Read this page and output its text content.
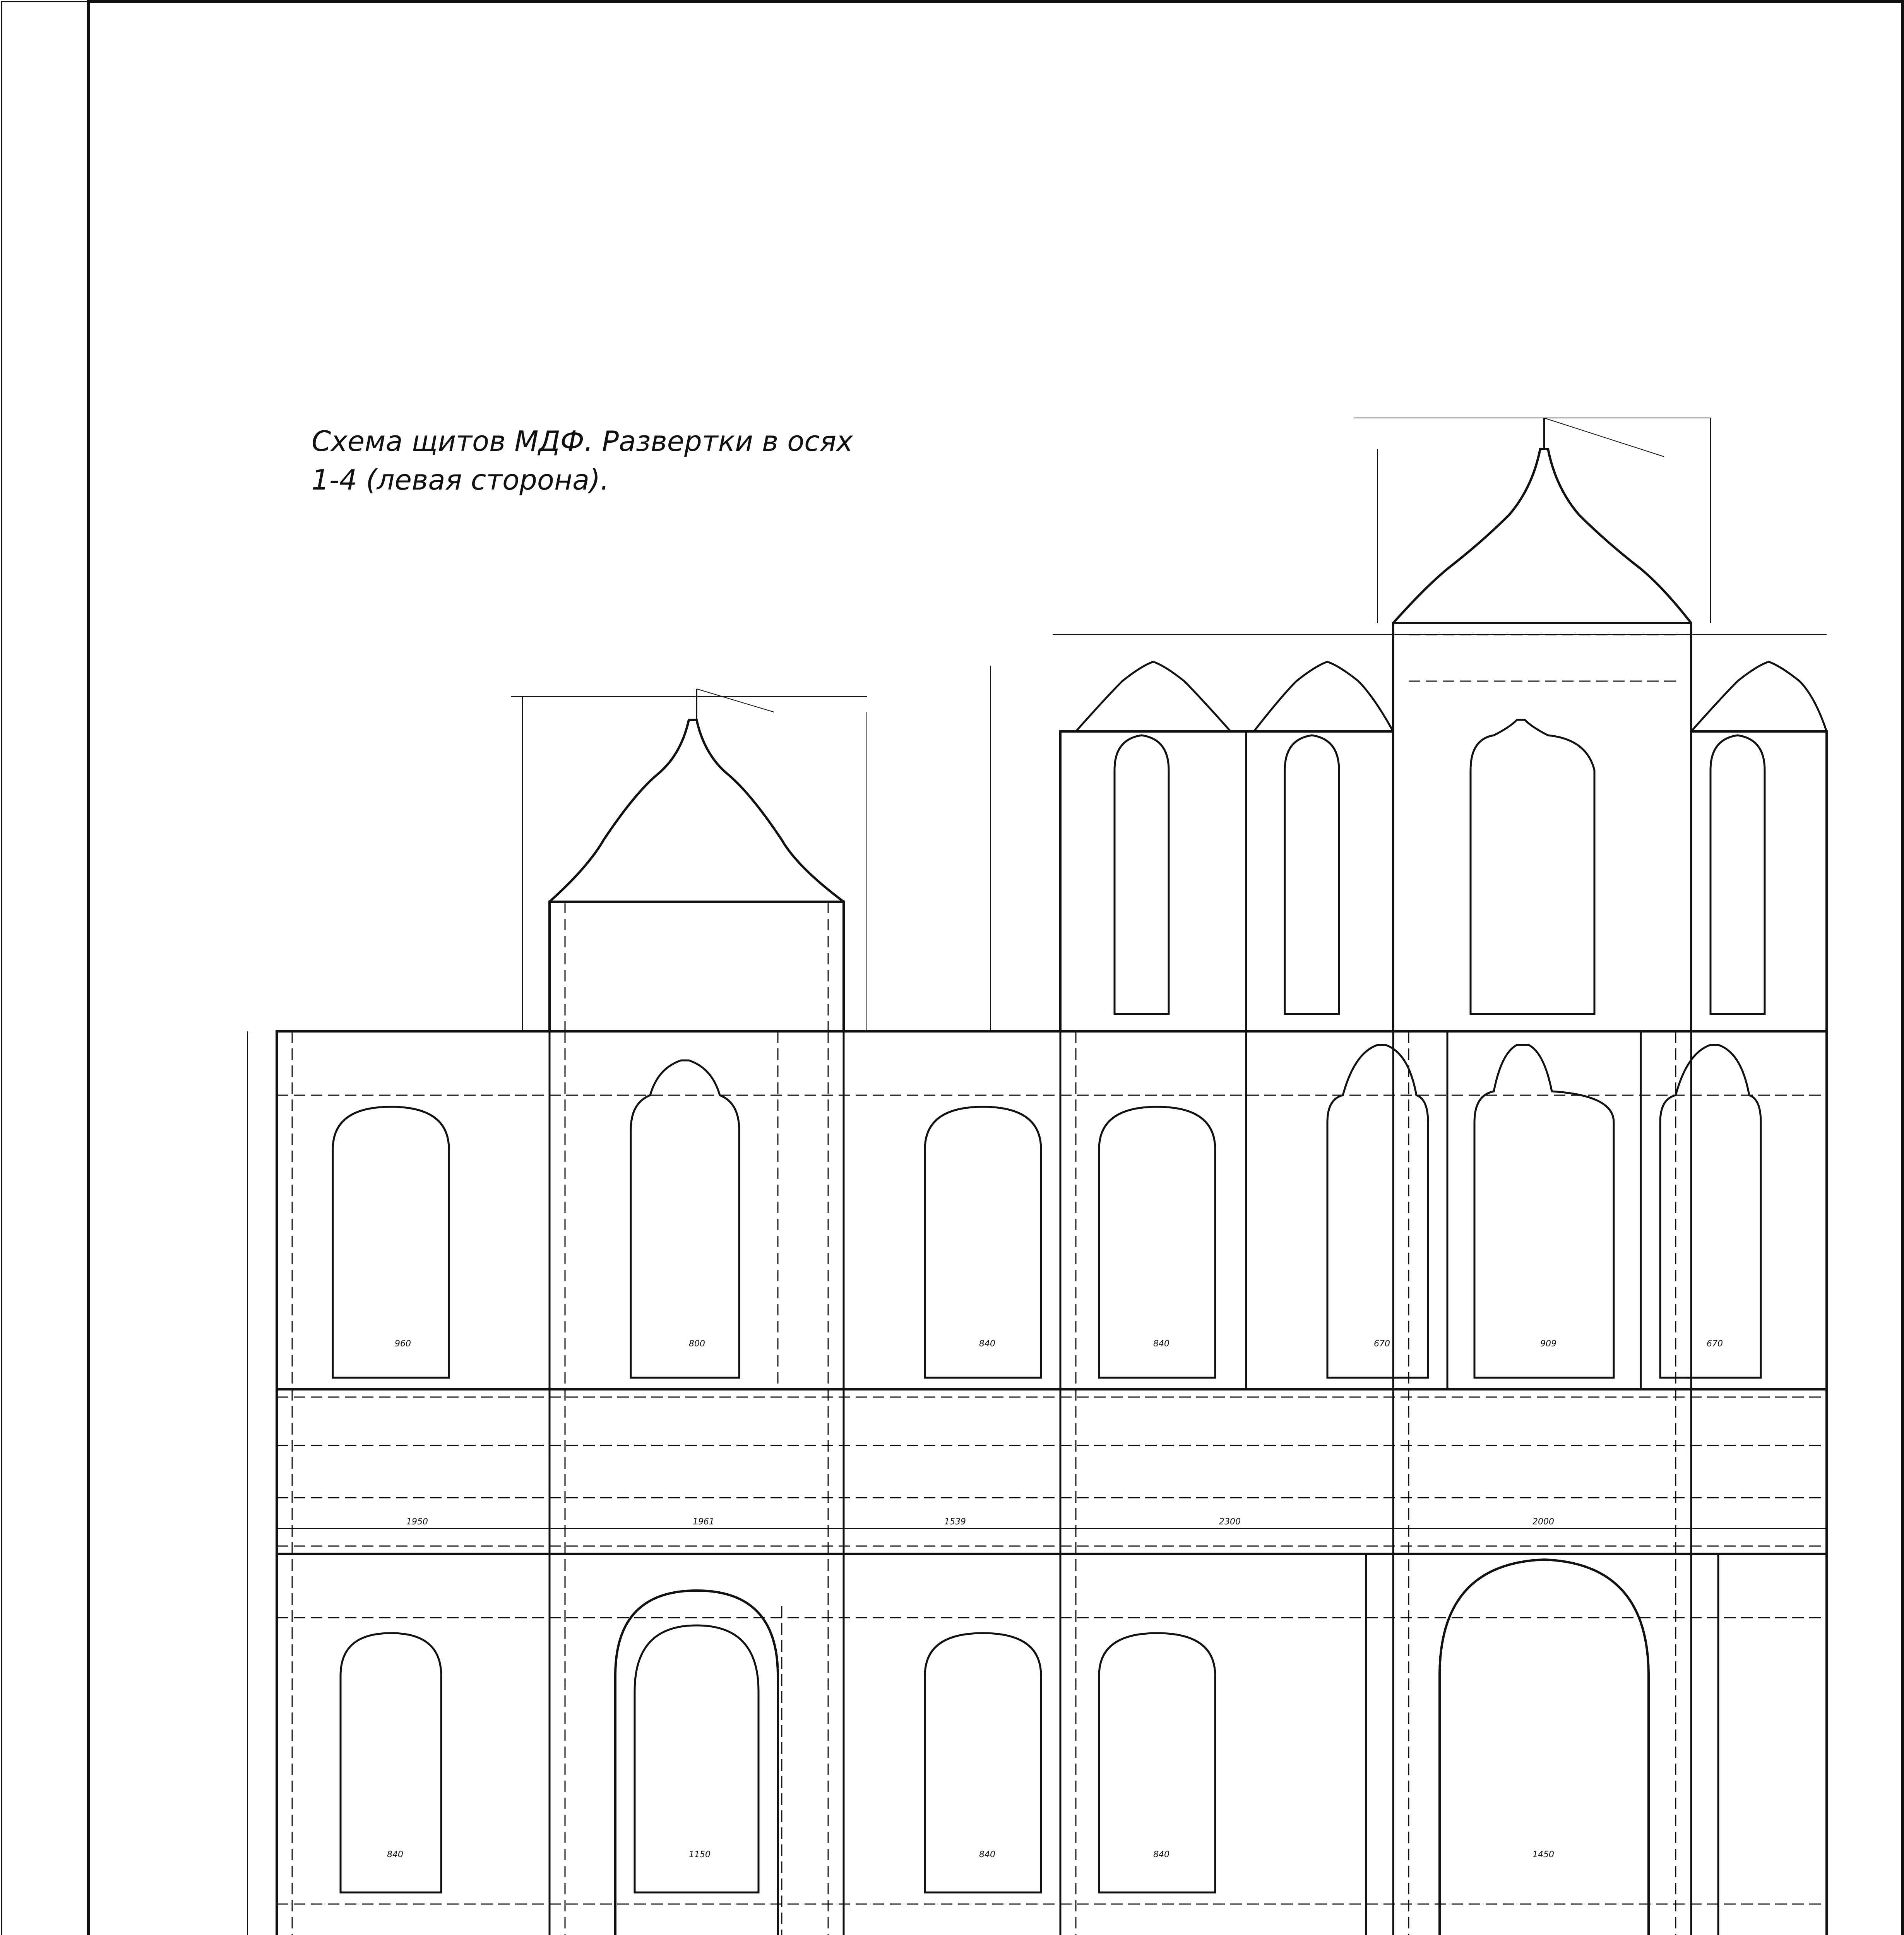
Схема щитов МДФ. Развертки в осях
1-4 (левая сторона).
1950	1961	1539	2300	2000
960	800	840	840	670	909	670
840
1150
840	840	1450
